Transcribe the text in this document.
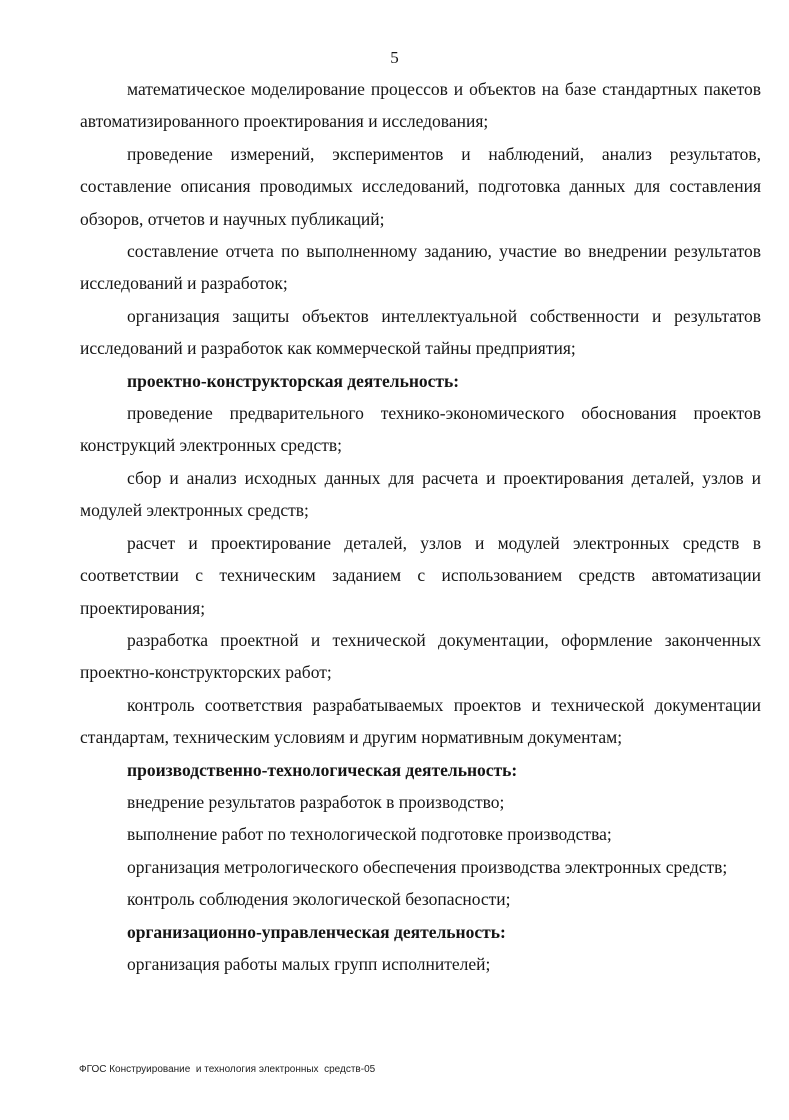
5

математическое моделирование процессов и объектов на базе стандартных пакетов автоматизированного проектирования и исследования;

проведение измерений, экспериментов и наблюдений, анализ результатов, составление описания проводимых исследований, подготовка данных для составления обзоров, отчетов и научных публикаций;

составление отчета по выполненному заданию, участие во внедрении результатов исследований и разработок;

организация защиты объектов интеллектуальной собственности и результатов исследований и разработок как коммерческой тайны предприятия;

проектно-конструкторская деятельность:

проведение предварительного технико-экономического обоснования проектов конструкций электронных средств;

сбор и анализ исходных данных для расчета и проектирования деталей, узлов и модулей электронных средств;

расчет и проектирование деталей, узлов и модулей электронных средств в соответствии с техническим заданием с использованием средств автоматизации проектирования;

разработка проектной и технической документации, оформление законченных проектно-конструкторских работ;

контроль соответствия разрабатываемых проектов и технической документации стандартам, техническим условиям и другим нормативным документам;

производственно-технологическая деятельность:

внедрение результатов разработок в производство;

выполнение работ по технологической подготовке производства;

организация метрологического обеспечения производства электронных средств;

контроль соблюдения экологической безопасности;

организационно-управленческая деятельность:

организация работы малых групп исполнителей;

ФГОС Конструирование  и технология электронных  средств-05
